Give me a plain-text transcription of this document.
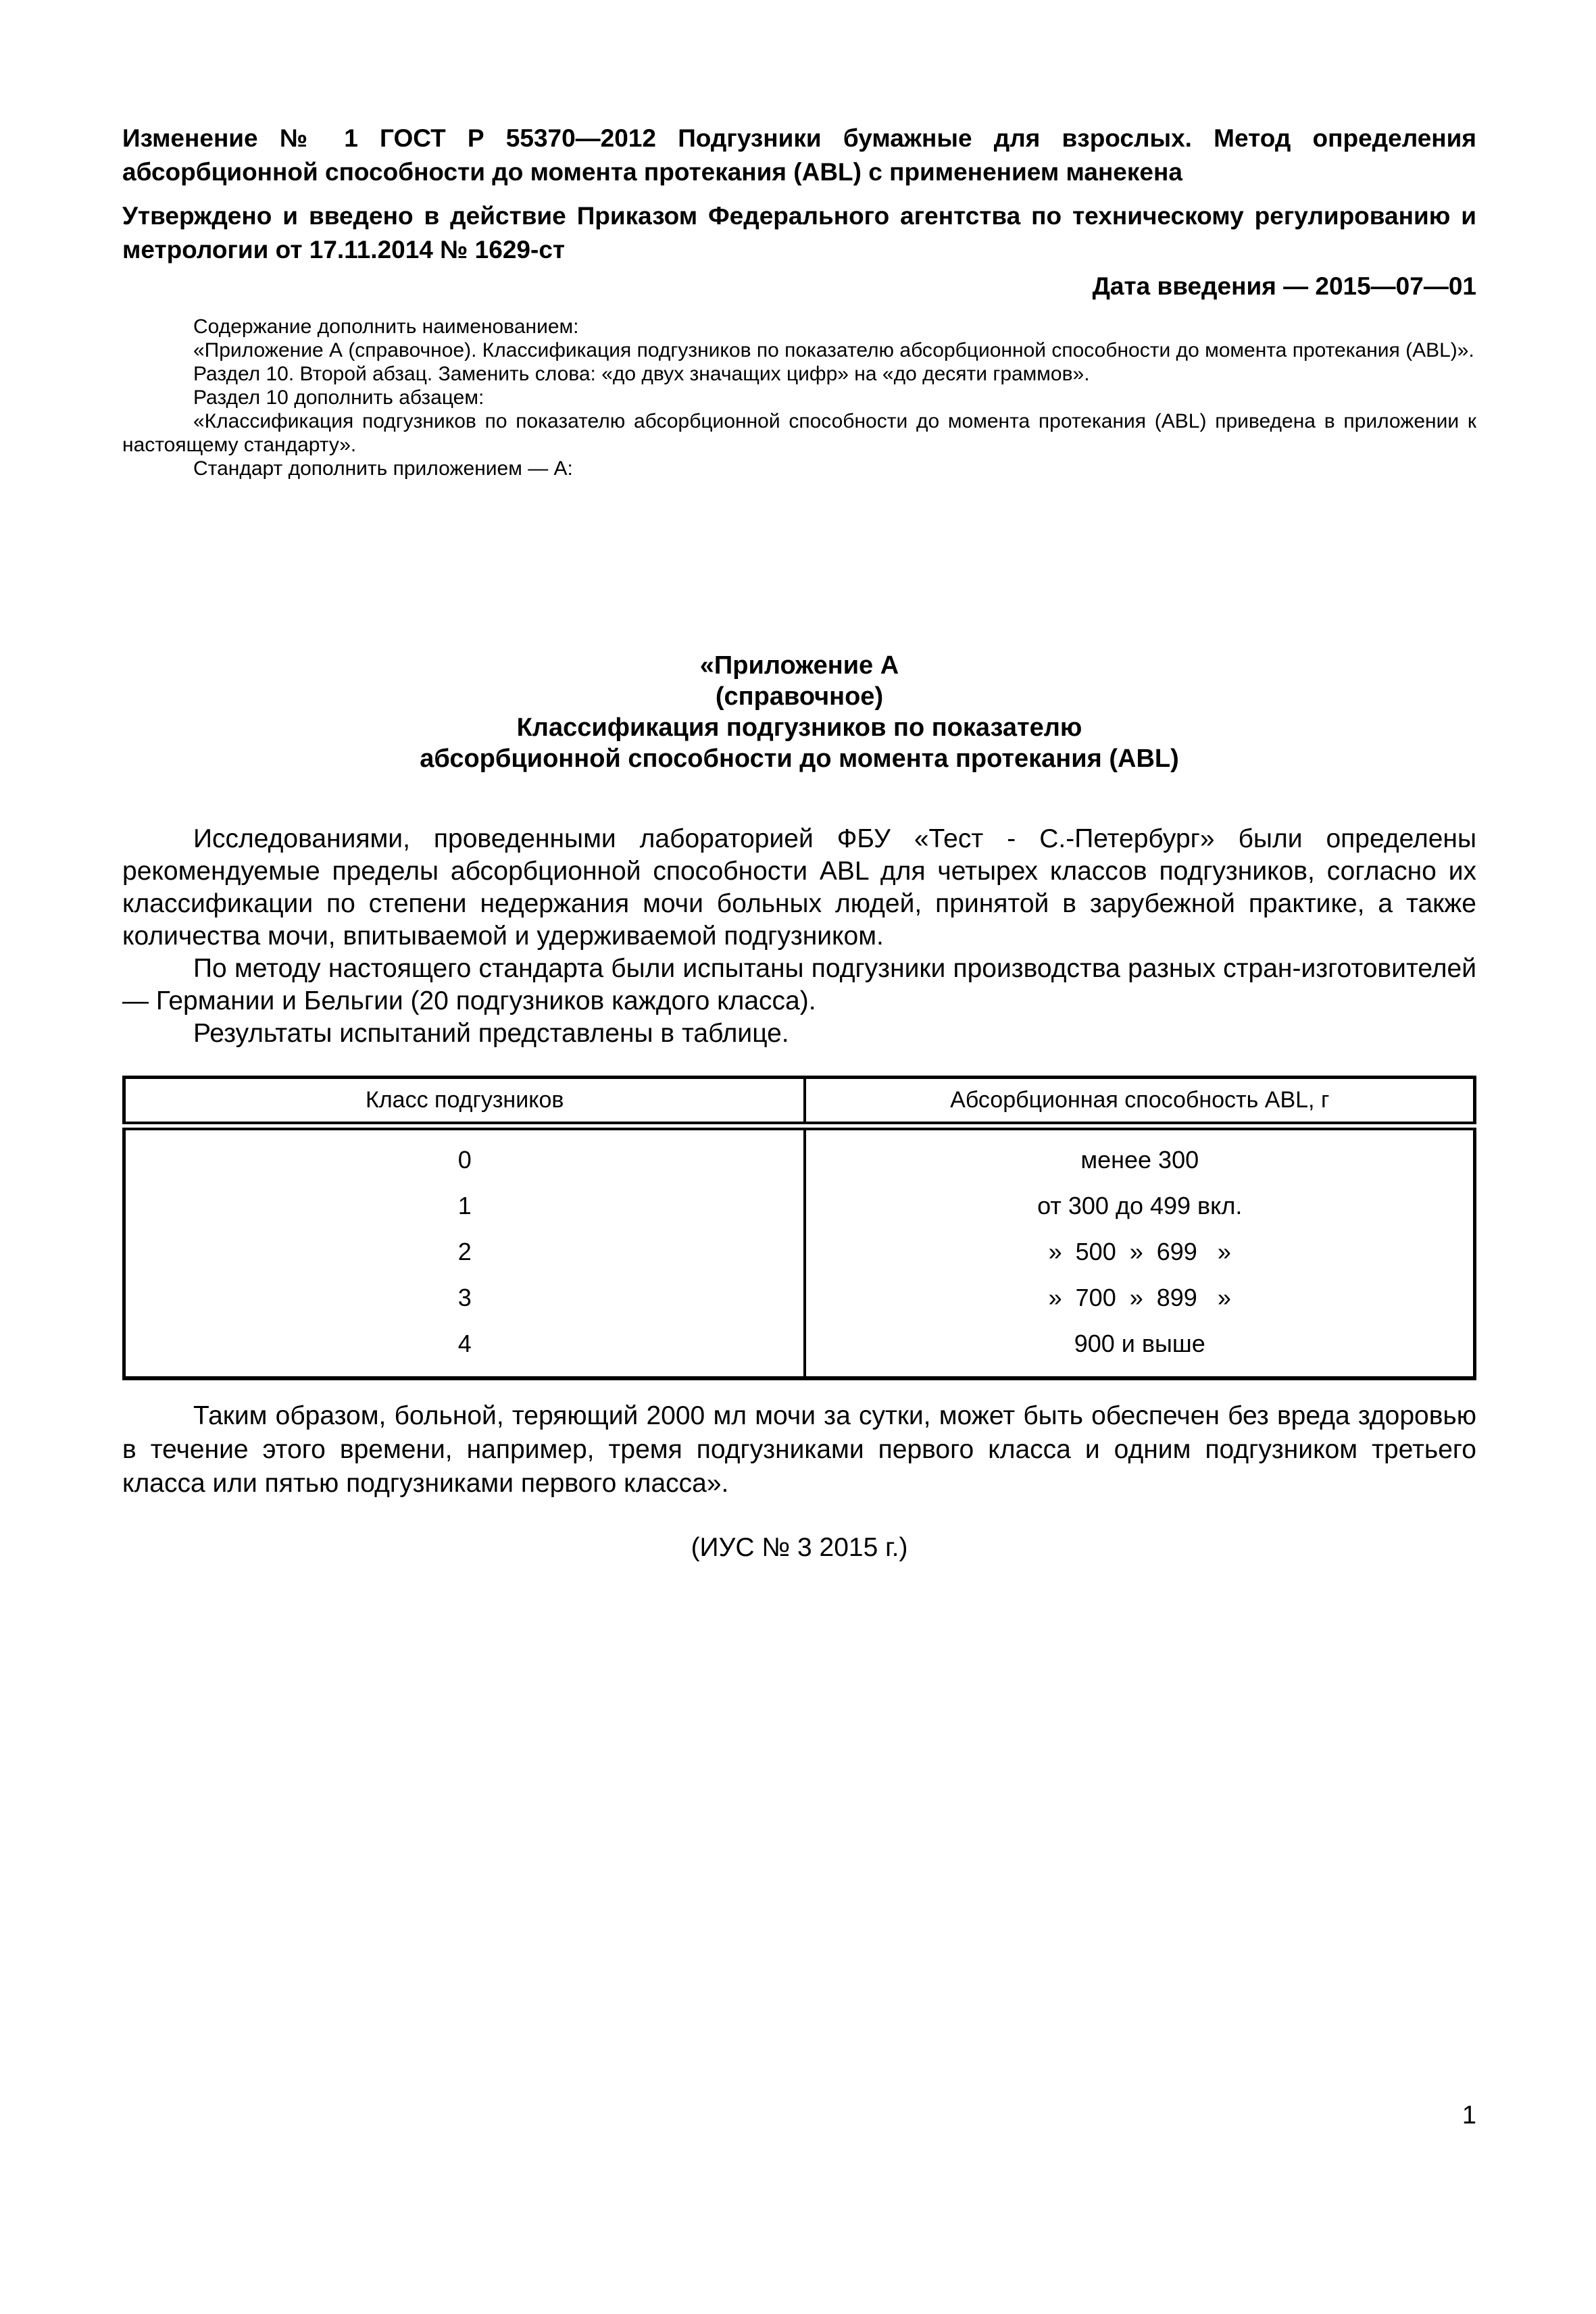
Изменение № 1 ГОСТ Р 55370—2012 Подгузники бумажные для взрослых. Метод определения абсорбционной способности до момента протекания (ABL) с применением манекена
Утверждено и введено в действие Приказом Федерального агентства по техническому регулированию и метрологии от 17.11.2014 № 1629-ст
Дата введения — 2015—07—01

Содержание дополнить наименованием:

«Приложение А (справочное). Классификация подгузников по показателю абсорбционной способности до момента протекания (ABL)».

Раздел 10. Второй абзац. Заменить слова: «до двух значащих цифр» на «до десяти граммов».

Раздел 10 дополнить абзацем:

«Классификация подгузников по показателю абсорбционной способности до момента протекания (ABL) приведена в приложении к настоящему стандарту».

Стандарт дополнить приложением — А:

«Приложение А
(справочное)
Классификация подгузников по показателю
абсорбционной способности до момента протекания (ABL)

Исследованиями, проведенными лабораторией ФБУ «Тест - С.-Петербург» были определены рекомендуемые пределы абсорбционной способности ABL для четырех классов подгузников, согласно их классификации по степени недержания мочи больных людей, принятой в зарубежной практике, а также количества мочи, впитываемой и удерживаемой подгузником.

По методу настоящего стандарта были испытаны подгузники производства разных стран-изготовителей — Германии и Бельгии (20 подгузников каждого класса).

Результаты испытаний представлены в таблице.

Класс подгузников	Абсорбционная способность ABL, г
0	менее 300
1	от 300 до 499 вкл.
2	»  500  »  699   »
3	»  700  »  899   »
4	900 и выше

Таким образом, больной, теряющий 2000 мл мочи за сутки, может быть обеспечен без вреда здоровью в течение этого времени, например, тремя подгузниками первого класса и одним подгузником третьего класса или пятью подгузниками первого класса».

(ИУС № 3 2015 г.)
1
